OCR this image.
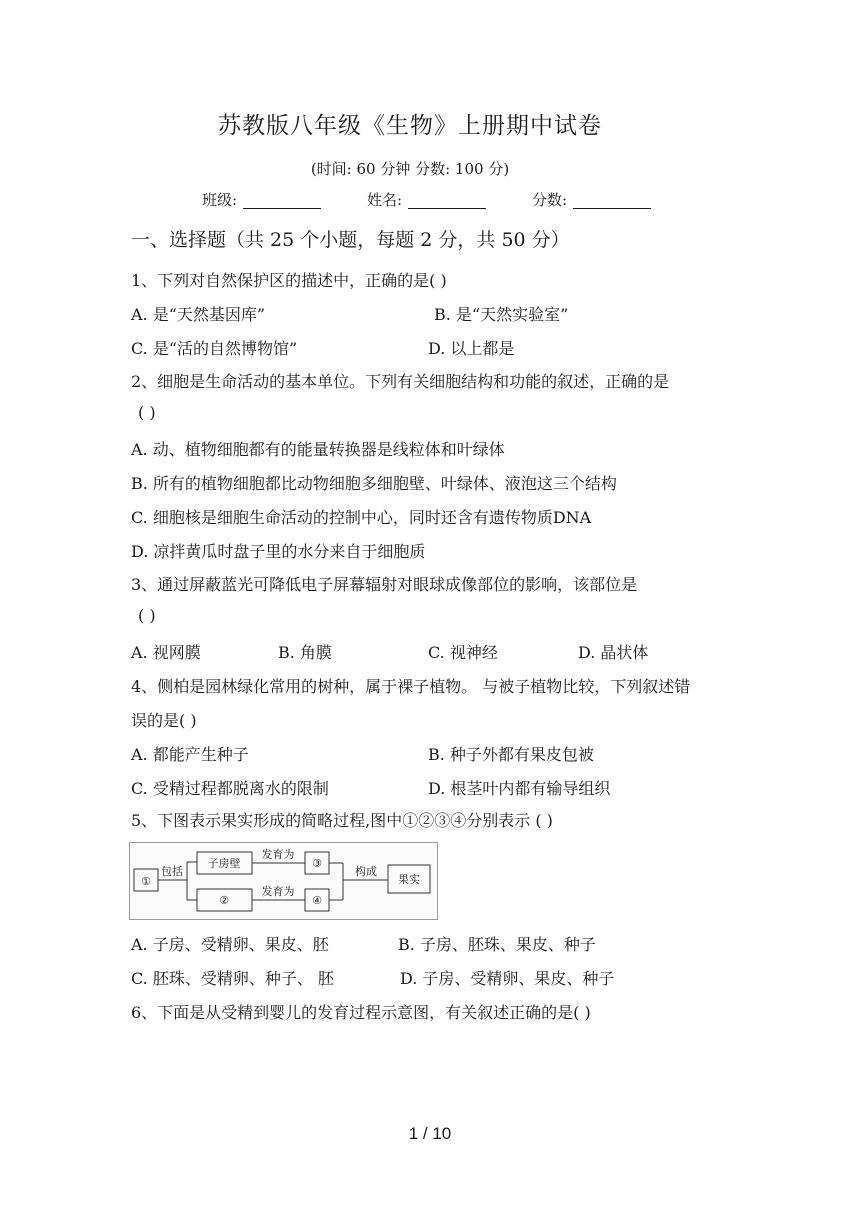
苏教版八年级《生物》上册期中试卷
(时间: 60 分钟 分数: 100 分)
班级:	姓名:	分数:
一、选择题（共 25 个小题，每题 2 分，共 50 分）
1、下列对自然保护区的描述中，正确的是( )
A. 是“天然基因库”	B. 是“天然实验室”
C. 是“活的自然博物馆”	D. 以上都是
2、细胞是生命活动的基本单位。下列有关细胞结构和功能的叙述，正确的是
( )
A. 动、植物细胞都有的能量转换器是线粒体和叶绿体
B. 所有的植物细胞都比动物细胞多细胞壁、叶绿体、液泡这三个结构
C. 细胞核是细胞生命活动的控制中心，同时还含有遗传物质DNA
D. 凉拌黄瓜时盘子里的水分来自于细胞质
3、通过屏蔽蓝光可降低电子屏幕辐射对眼球成像部位的影响，该部位是
( )
A. 视网膜	B. 角膜	C. 视神经	D. 晶状体
4、侧柏是园林绿化常用的树种，属于裸子植物。 与被子植物比较，下列叙述错
误的是( )
A. 都能产生种子	B. 种子外都有果皮包被
C. 受精过程都脱离水的限制	D. 根茎叶内都有输导组织
5、下图表示果实形成的简略过程,图中①②③④分别表示 ( )
①
包括
子房壁
②
发育为
发育为
③
④
构成
果实
A. 子房、受精卵、果皮、胚	B. 子房、胚珠、果皮、种子
C. 胚珠、受精卵、种子、 胚	D. 子房、受精卵、果皮、种子
6、下面是从受精到婴儿的发育过程示意图，有关叙述正确的是( )
1 / 10
